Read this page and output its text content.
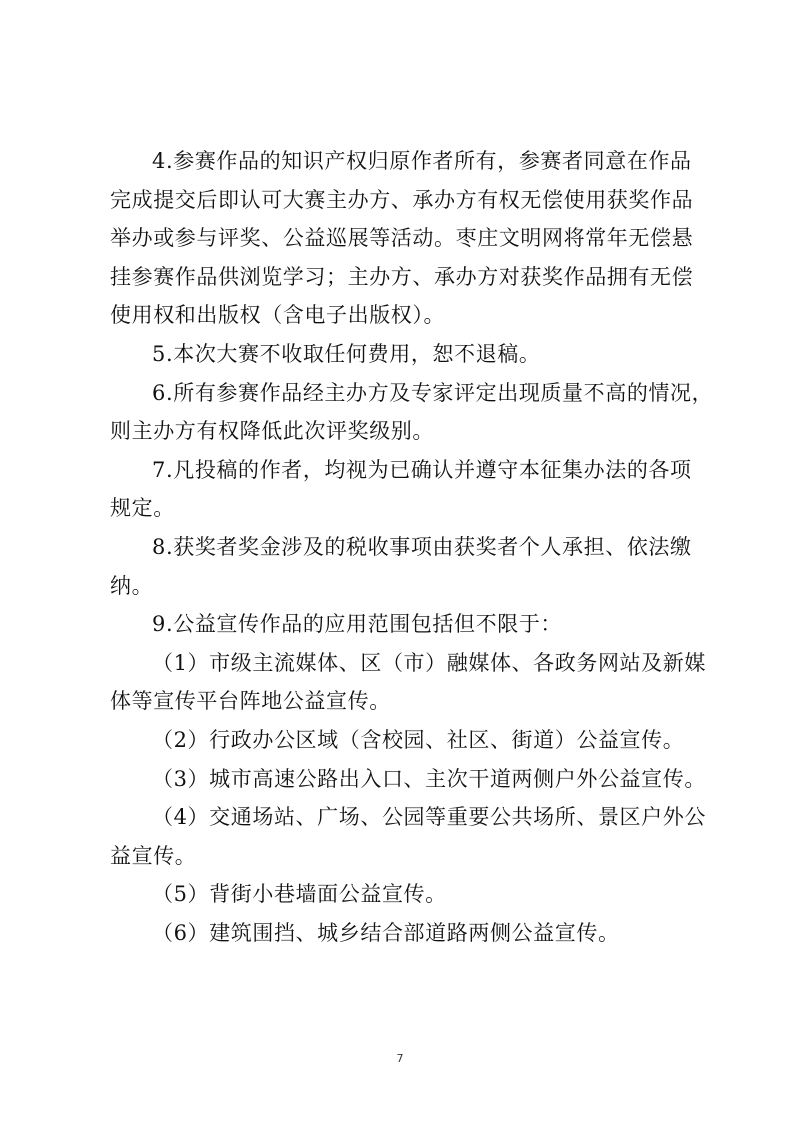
4.参赛作品的知识产权归原作者所有，参赛者同意在作品
完成提交后即认可大赛主办方、承办方有权无偿使用获奖作品
举办或参与评奖、公益巡展等活动。枣庄文明网将常年无偿悬
挂参赛作品供浏览学习；主办方、承办方对获奖作品拥有无偿
使用权和出版权（含电子出版权）。
5.本次大赛不收取任何费用，恕不退稿。
6.所有参赛作品经主办方及专家评定出现质量不高的情况，
则主办方有权降低此次评奖级别。
7.凡投稿的作者，均视为已确认并遵守本征集办法的各项
规定。
8.获奖者奖金涉及的税收事项由获奖者个人承担、依法缴
纳。
9.公益宣传作品的应用范围包括但不限于：
（1）市级主流媒体、区（市）融媒体、各政务网站及新媒
体等宣传平台阵地公益宣传。
（2）行政办公区域（含校园、社区、街道）公益宣传。
（3）城市高速公路出入口、主次干道两侧户外公益宣传。
（4）交通场站、广场、公园等重要公共场所、景区户外公
益宣传。
（5）背街小巷墙面公益宣传。
（6）建筑围挡、城乡结合部道路两侧公益宣传。
7
